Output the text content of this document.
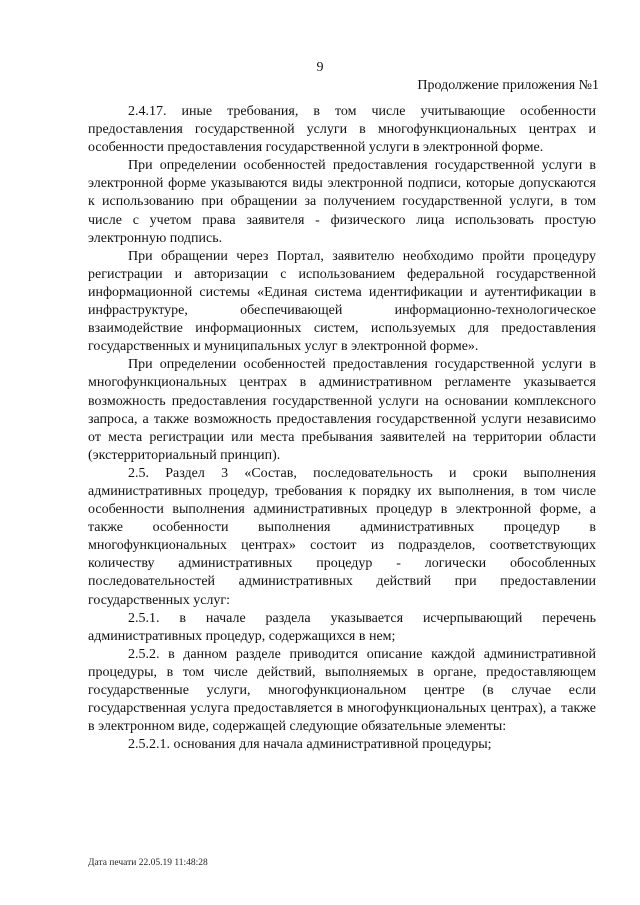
9
Продолжение приложения №1

2.4.17. иные требования, в том числе учитывающие особенности предоставления государственной услуги в многофункциональных центрах и особенности предоставления государственной услуги в электронной форме.

При определении особенностей предоставления государственной услуги в электронной форме указываются виды электронной подписи, которые допускаются к использованию при обращении за получением государственной услуги, в том числе с учетом права заявителя - физического лица использовать простую электронную подпись.

При обращении через Портал, заявителю необходимо пройти процедуру регистрации и авторизации с использованием федеральной государственной информационной системы «Единая система идентификации и аутентификации в инфраструктуре, обеспечивающей информационно-технологическое взаимодействие информационных систем, используемых для предоставления государственных и муниципальных услуг в электронной форме».

При определении особенностей предоставления государственной услуги в многофункциональных центрах в административном регламенте указывается возможность предоставления государственной услуги на основании комплексного запроса, а также возможность предоставления государственной услуги независимо от места регистрации или места пребывания заявителей на территории области (экстерриториальный принцип).

2.5. Раздел 3 «Состав, последовательность и сроки выполнения административных процедур, требования к порядку их выполнения, в том числе особенности выполнения административных процедур в электронной форме, а также особенности выполнения административных процедур в многофункциональных центрах» состоит из подразделов, соответствующих количеству административных процедур - логически обособленных последовательностей административных действий при предоставлении государственных услуг:

2.5.1. в начале раздела указывается исчерпывающий перечень административных процедур, содержащихся в нем;

2.5.2. в данном разделе приводится описание каждой административной процедуры, в том числе действий, выполняемых в органе, предоставляющем государственные услуги, многофункциональном центре (в случае если государственная услуга предоставляется в многофункциональных центрах), а также в электронном виде, содержащей следующие обязательные элементы:

2.5.2.1. основания для начала административной процедуры;

Дата печати 22.05.19 11:48:28
